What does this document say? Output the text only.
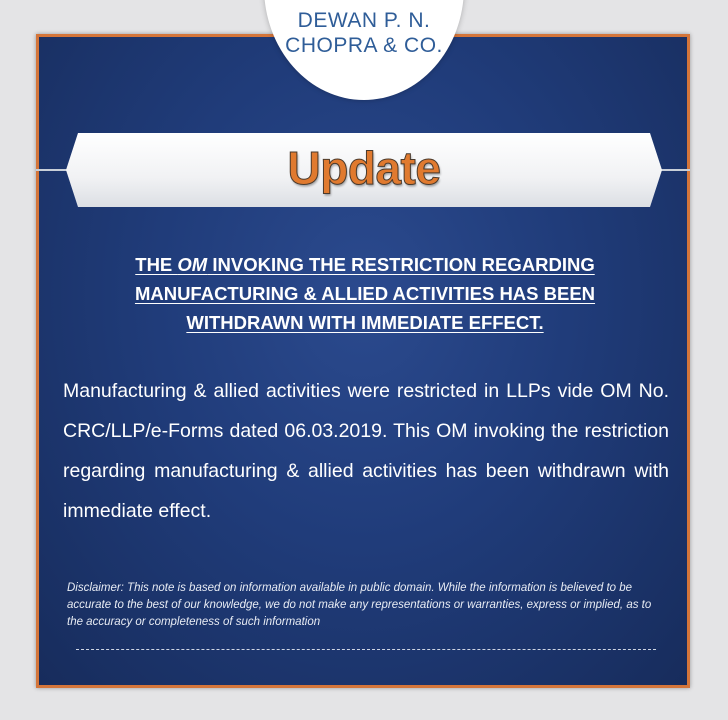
DEWAN P. N.
CHOPRA & CO.
Update
THE OM INVOKING THE RESTRICTION REGARDING MANUFACTURING & ALLIED ACTIVITIES HAS BEEN WITHDRAWN WITH IMMEDIATE EFFECT.
Manufacturing & allied activities were restricted in LLPs vide OM No. CRC/LLP/e-Forms dated 06.03.2019. This OM invoking the restriction regarding manufacturing & allied activities has been withdrawn with immediate effect.
Disclaimer: This note is based on information available in public domain. While the information is believed to be accurate to the best of our knowledge, we do not make any representations or warranties, express or implied, as to the accuracy or completeness of such information
